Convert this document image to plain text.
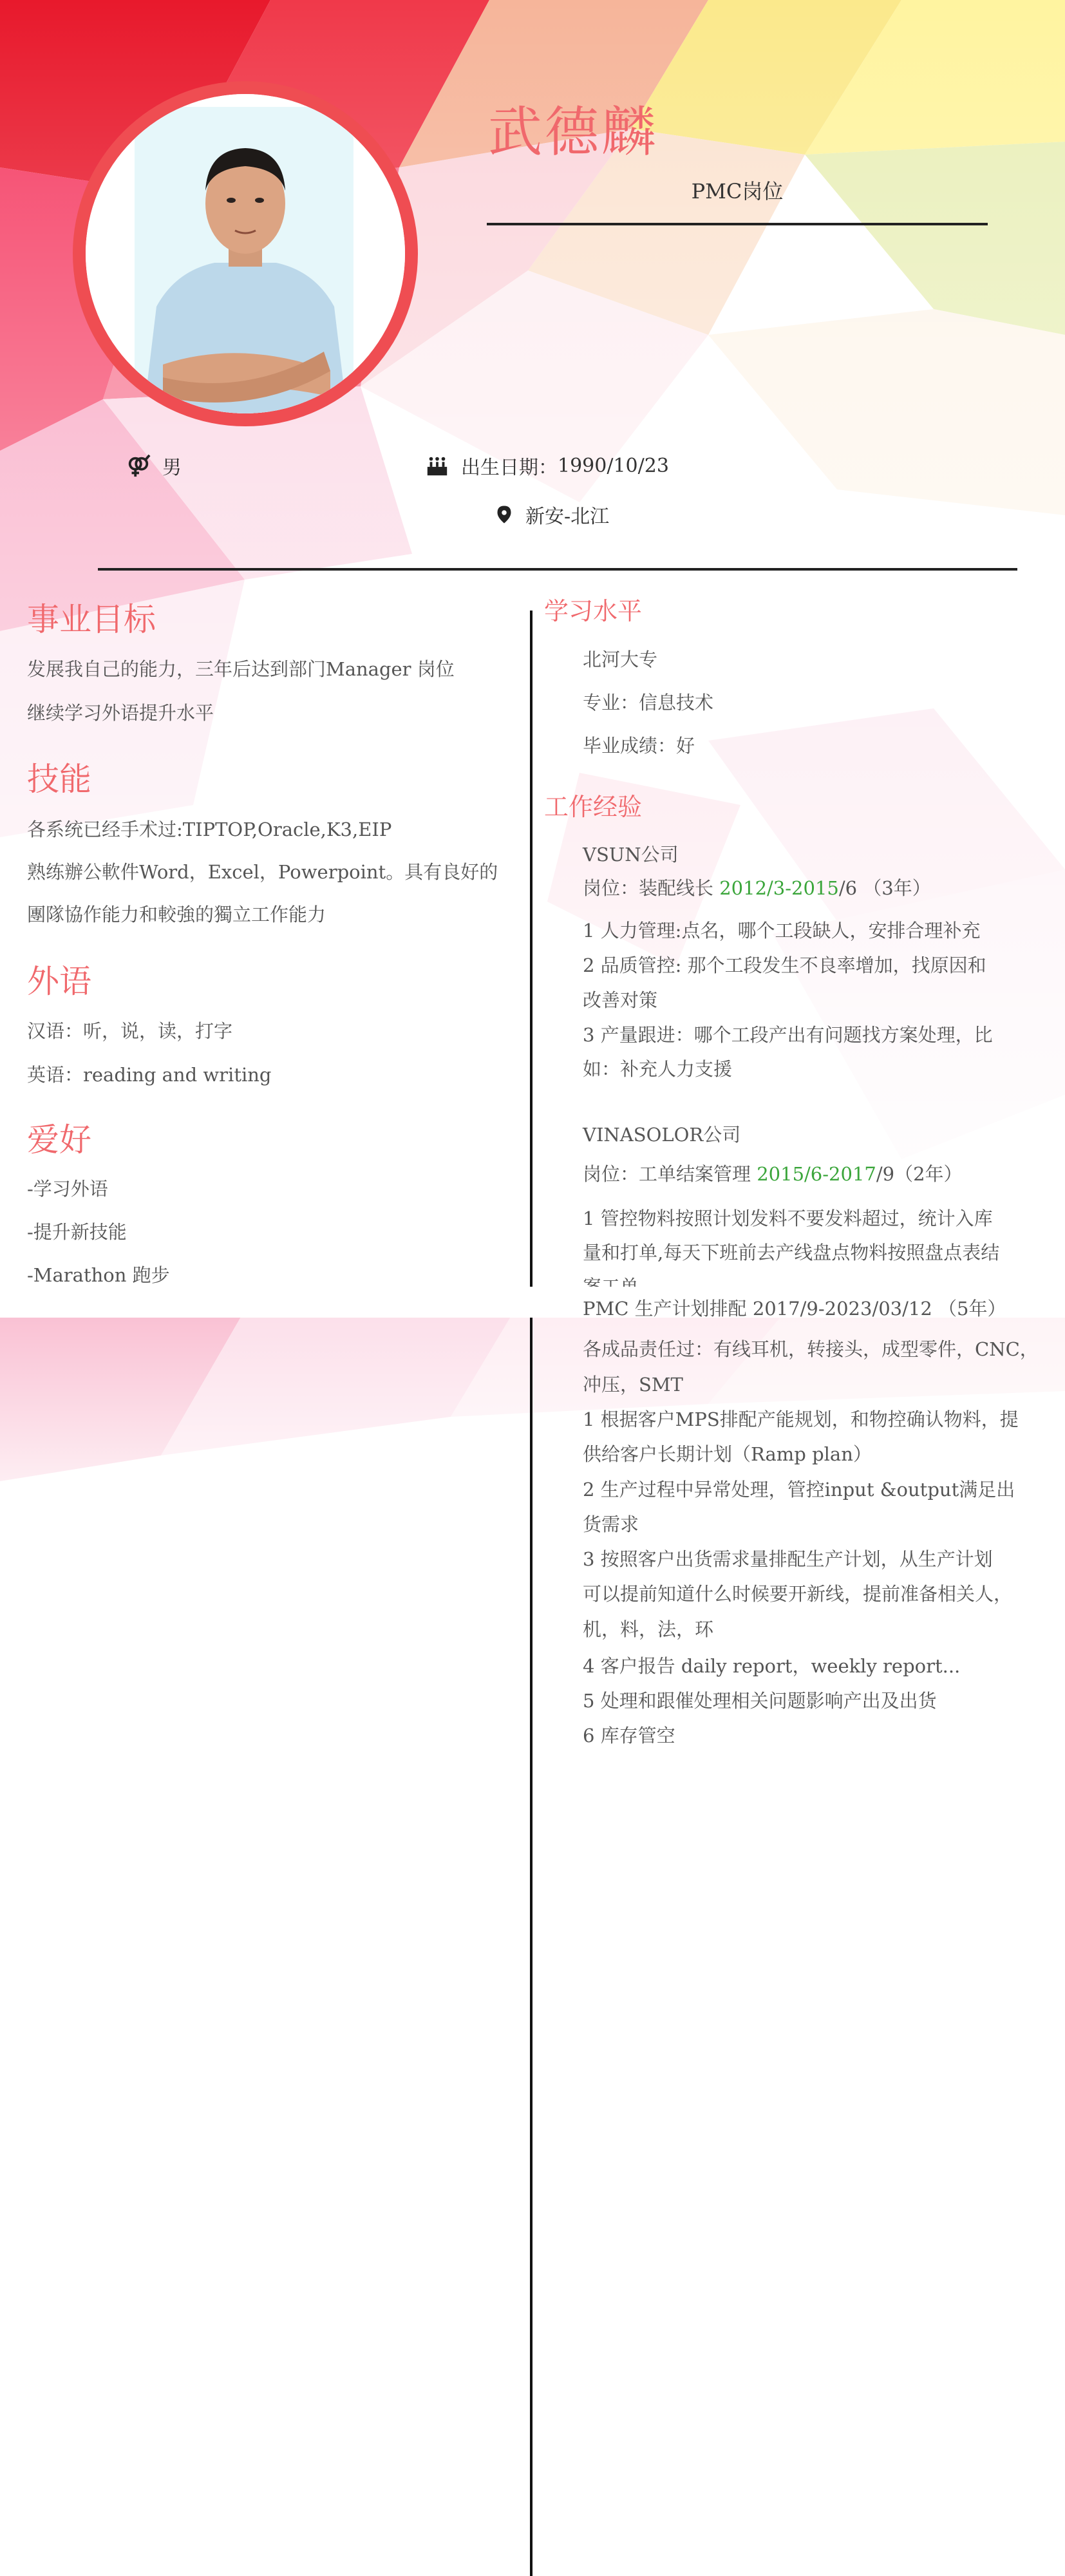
武德麟
PMC岗位
男	出生日期： 1990/10/23
新安-北江
事业目标
发展我自己的能力，三年后达到部门Manager 岗位
继续学习外语提升水平
技能
各系统已经手术过:TIPTOP,Oracle,K3,EIP
熟练辦公軟件Word，Excel，Powerpoint。具有良好的
團隊協作能力和較強的獨立工作能力
外语
汉语：听，说，读，打字
英语：reading and writing
爱好
-学习外语
-提升新技能
-Marathon 跑步
学习水平
北河大专
专业：信息技术
毕业成绩：好
工作经验
VSUN公司
岗位：装配线长 2012/3-2015/6 （3年）
1 人力管理:点名，哪个工段缺人，安排合理补充
2 品质管控: 那个工段发生不良率增加，找原因和
改善对策
3 产量跟进：哪个工段产出有问题找方案处理，比
如：补充人力支援
VINASOLOR公司
岗位：工单结案管理 2015/6-2017/9（2年）
1 管控物料按照计划发料不要发料超过，统计入库
量和打单,每天下班前去产线盘点物料按照盘点表结
PMC 生产计划排配 2017/9-2023/03/12 （5年）
各成品责任过：有线耳机，转接头，成型零件，CNC，
冲压，SMT
1 根据客户MPS排配产能规划，和物控确认物料，提
供给客户长期计划（Ramp plan）
2 生产过程中异常处理，管控input &output满足出
货需求
3 按照客户出货需求量排配生产计划，从生产计划
可以提前知道什么时候要开新线，提前准备相关人，
机，料，法，环
4 客户报告 daily report，weekly report...
5 处理和跟催处理相关问题影响产出及出货
6 库存管空
